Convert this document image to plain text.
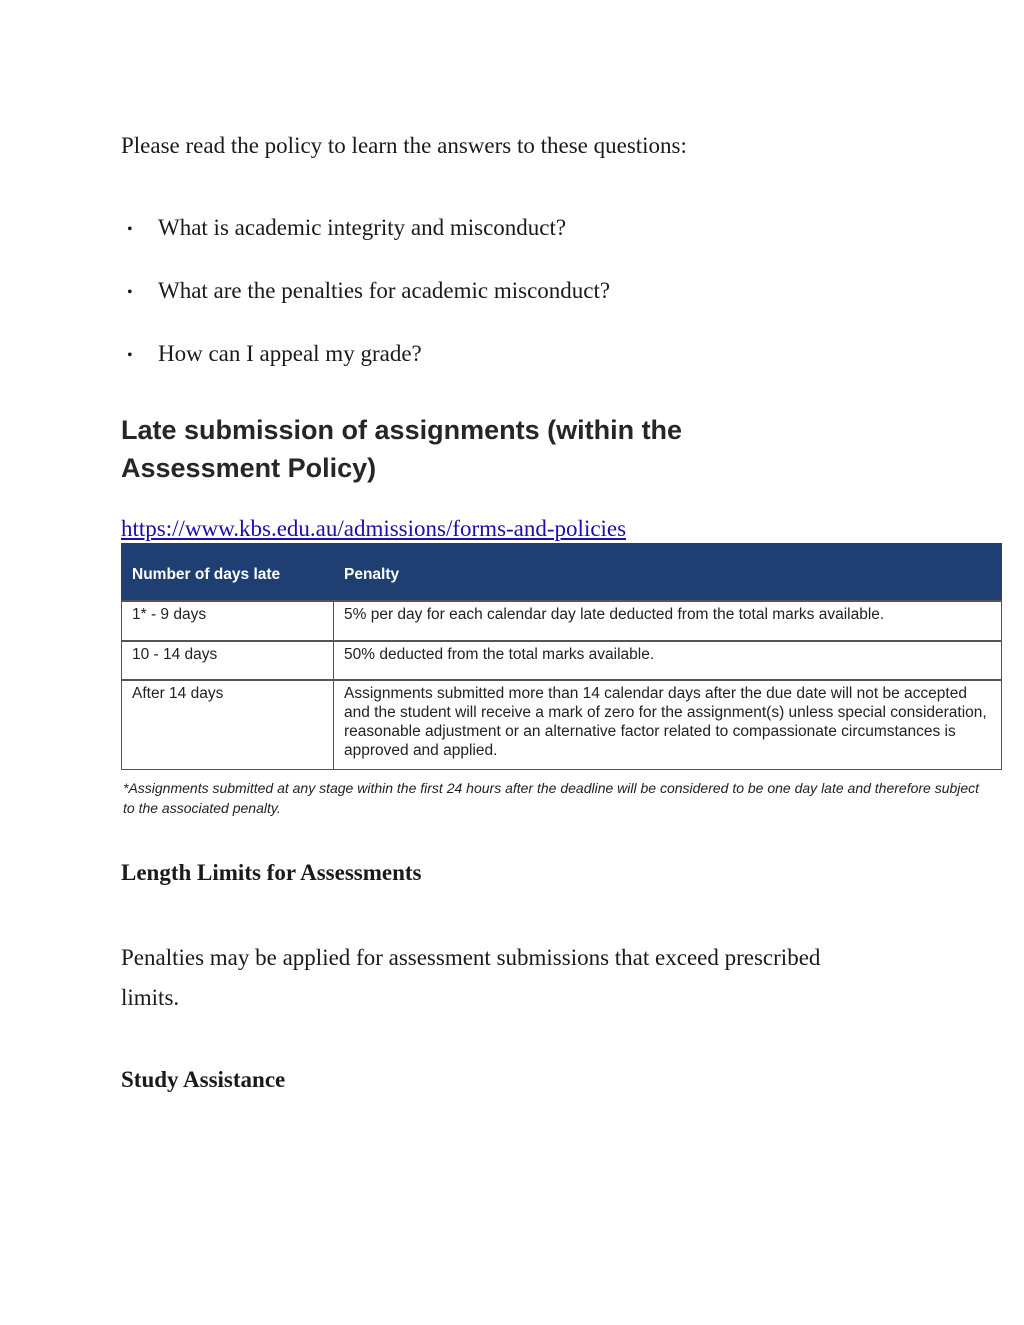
Please read the policy to learn the answers to these questions:

• What is academic integrity and misconduct?
• What are the penalties for academic misconduct?
• How can I appeal my grade?
Late submission of assignments (within the Assessment Policy)
https://www.kbs.edu.au/admissions/forms-and-policies
Number of days late	Penalty
1* - 9 days	5% per day for each calendar day late deducted from the total marks available.
10 - 14 days	50% deducted from the total marks available.
After 14 days	Assignments submitted more than 14 calendar days after the due date will not be accepted and the student will receive a mark of zero for the assignment(s) unless special consideration, reasonable adjustment or an alternative factor related to compassionate circumstances is approved and applied.
*Assignments submitted at any stage within the first 24 hours after the deadline will be considered to be one day late and therefore subject to the associated penalty.
Length Limits for Assessments

Penalties may be applied for assessment submissions that exceed prescribed limits.

Study Assistance
